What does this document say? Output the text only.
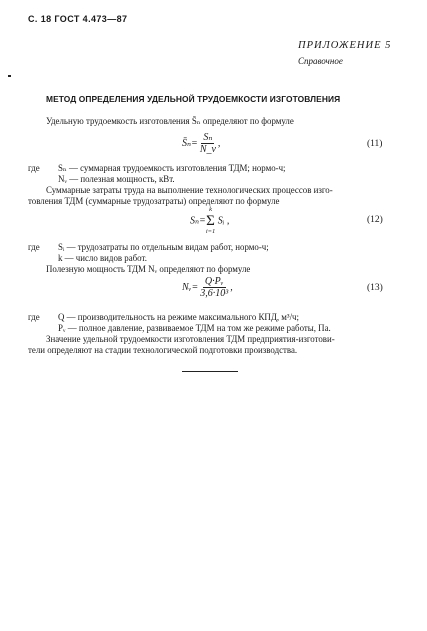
С. 18 ГОСТ 4.473—87
ПРИЛОЖЕНИЕ 5
Справочное
МЕТОД ОПРЕДЕЛЕНИЯ УДЕЛЬНОЙ ТРУДОЕМКОСТИ ИЗГОТОВЛЕНИЯ
Удельную трудоемкость изготовления S̄ₙ определяют по формуле
S̄ₙ= $\frac{\text{Sₙ}}{N\_v}$ ,	(11)
где Sₙ — суммарная трудоемкость изготовления ТДМ; нормо-ч;
Nᵥ — полезная мощность, кВт.
Суммарные затраты труда на выполнение технологических процессов изго-
товления ТДМ (суммарные трудозатраты) определяют по формуле
Sₙ=
k
Σ
i=1
Sᵢ ,	(12)
где Sᵢ — трудозатраты по отдельным видам работ, нормо-ч;
k — число видов работ.
Полезную мощность ТДМ Nᵥ определяют по формуле
Nᵥ= $\frac{\text{Q·Pᵥ}}{\text{3,6·10³}}$ ,	(13)
где Q — производительность на режиме максимального КПД, м³/ч;
Pᵥ — полное давление, развиваемое ТДМ на том же режиме работы, Па.
Значение удельной трудоемкости изготовления ТДМ предприятия-изготови-
тели определяют на стадии технологической подготовки производства.
